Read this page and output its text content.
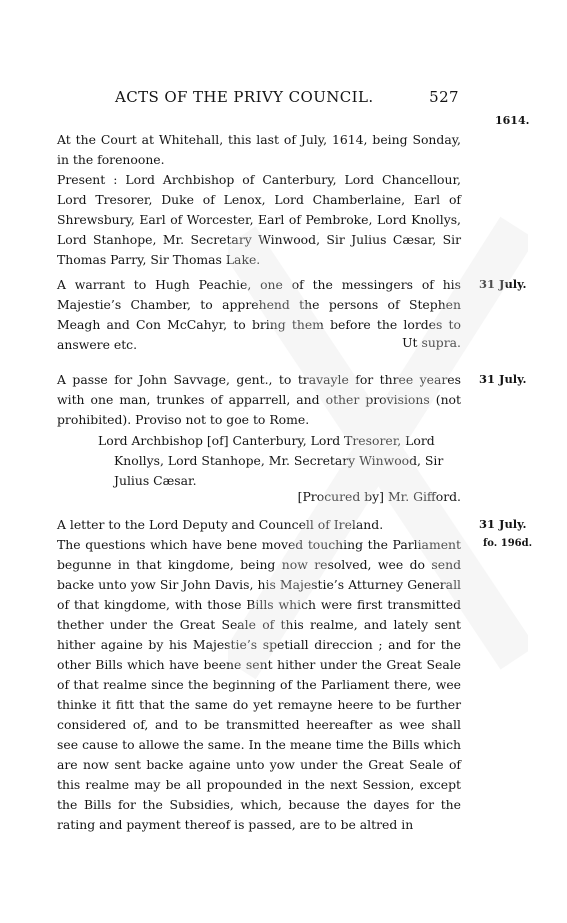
ACTS OF THE PRIVY COUNCIL.	527
1614.

At the Court at Whitehall, this last of July, 1614, being Sonday, in the forenoone.

Present : Lord Archbishop of Canterbury, Lord Chancellour, Lord Tresorer, Duke of Lenox, Lord Chamberlaine, Earl of Shrewsbury, Earl of Worcester, Earl of Pembroke, Lord Knollys, Lord Stanhope, Mr. Secretary Winwood, Sir Julius Cæsar, Sir Thomas Parry, Sir Thomas Lake.

A warrant to Hugh Peachie, one of the messingers of his Majestie’s Chamber, to apprehend the persons of Stephen Meagh and Con McCahyr, to bring them before the lordes to answere etc.	Ut supra.
31 July.

A passe for John Savvage, gent., to travayle for three yeares with one man, trunkes of apparrell, and other provisions (not prohibited). Proviso not to goe to Rome.

31 July.
Lord Archbishop [of] Canterbury, Lord Tresorer, Lord Knollys, Lord Stanhope, Mr. Secretary Winwood, Sir Julius Cæsar.
[Procured by] Mr. Gifford.

A letter to the Lord Deputy and Councell of Ireland.

The questions which have bene moved touching the Parliament begunne in that kingdome, being now resolved, wee do send backe unto yow Sir John Davis, his Majestie’s Atturney Generall of that kingdome, with those Bills which were first transmitted thether under the Great Seale of this realme, and lately sent hither againe by his Majestie’s spetiall direccion ; and for the other Bills which have beene sent hither under the Great Seale of that realme since the beginning of the Parliament there, wee thinke it fitt that the same do yet remayne heere to be further considered of, and to be transmitted heereafter as wee shall see cause to allowe the same. In the meane time the Bills which are now sent backe againe unto yow under the Great Seale of this realme may be all propounded in the next Session, except the Bills for the Subsidies, which, because the dayes for the rating and payment thereof is passed, are to be altred in

31 July.
fo. 196d.
